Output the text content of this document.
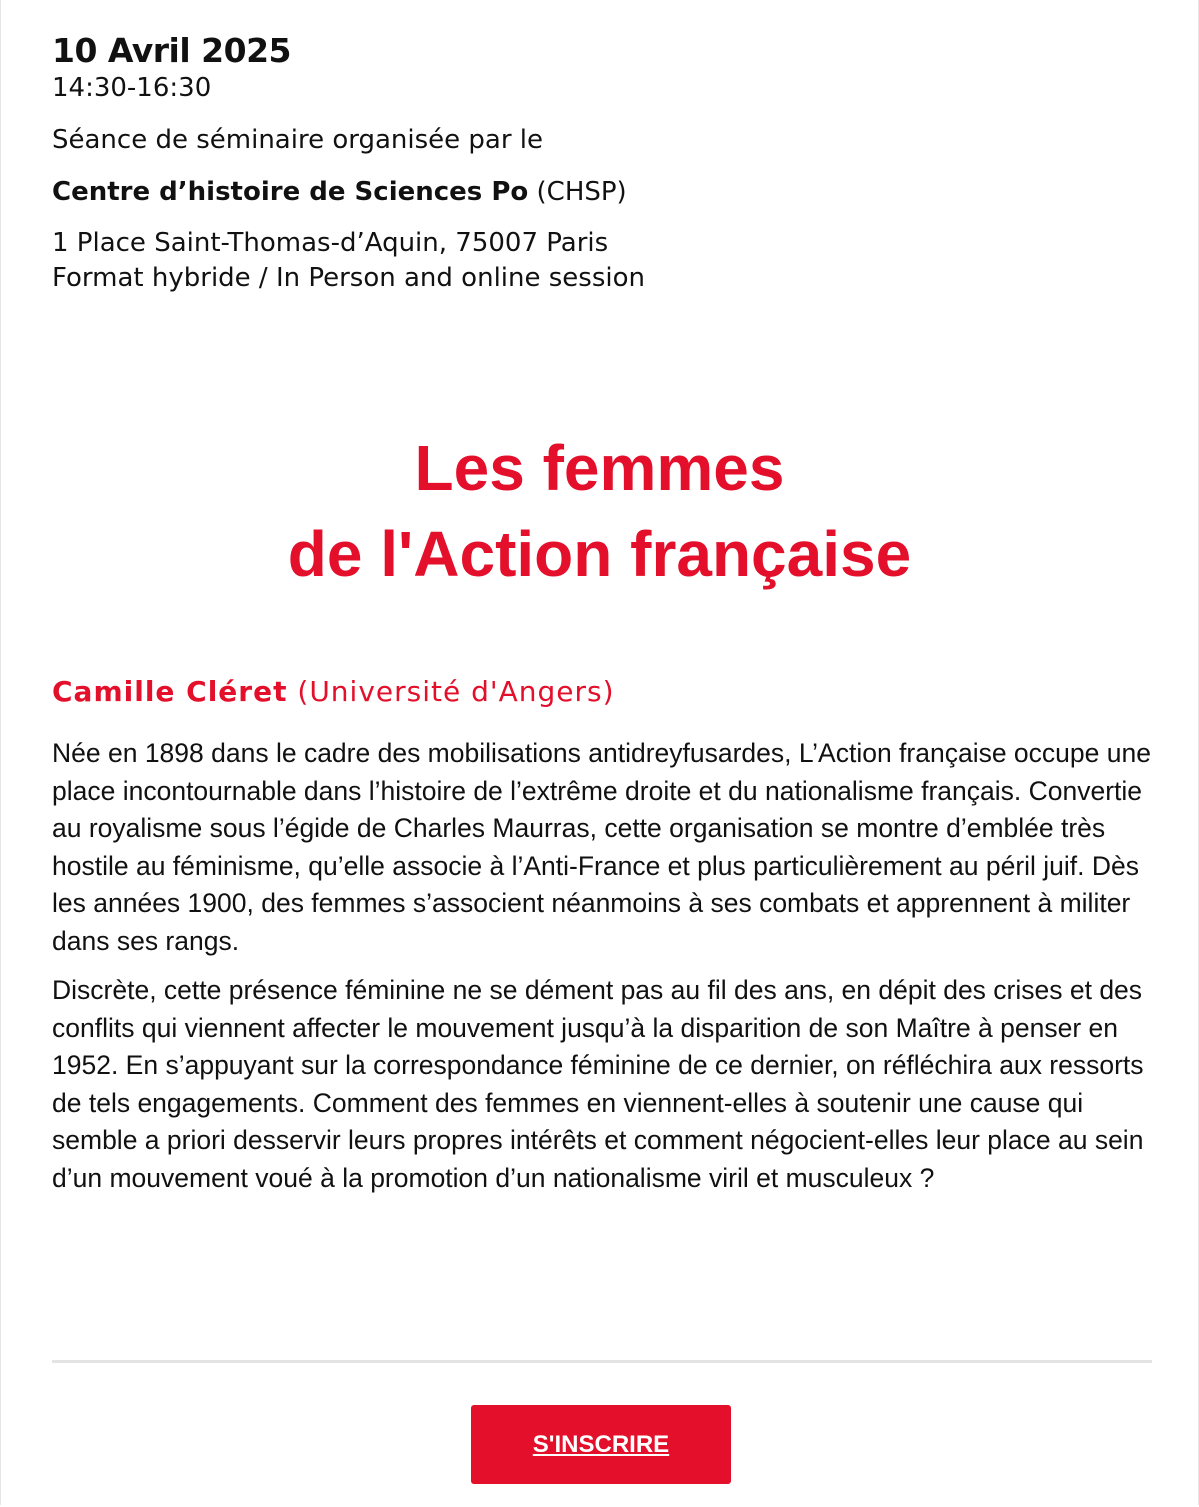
10 Avril 2025

14:30-16:30

Séance de séminaire organisée par le

Centre d’histoire de Sciences Po (CHSP)

1 Place Saint-Thomas-d’Aquin, 75007 Paris
Format hybride / In Person and online session
Les femmes
de l'Action française

Camille Cléret (Université d'Angers)

Née en 1898 dans le cadre des mobilisations antidreyfusardes, L’Action française occupe une place incontournable dans l’histoire de l’extrême droite et du nationalisme français. Convertie au royalisme sous l’égide de Charles Maurras, cette organisation se montre d’emblée très hostile au féminisme, qu’elle associe à l’Anti-France et plus particulièrement au péril juif. Dès les années 1900, des femmes s’associent néanmoins à ses combats et apprennent à militer dans ses rangs.

Discrète, cette présence féminine ne se dément pas au fil des ans, en dépit des crises et des conflits qui viennent affecter le mouvement jusqu’à la disparition de son Maître à penser en 1952. En s’appuyant sur la correspondance féminine de ce dernier, on réfléchira aux ressorts de tels engagements. Comment des femmes en viennent-elles à soutenir une cause qui semble a priori desservir leurs propres intérêts et comment négocient-elles leur place au sein d’un mouvement voué à la promotion d’un nationalisme viril et musculeux ?

S'INSCRIRE
